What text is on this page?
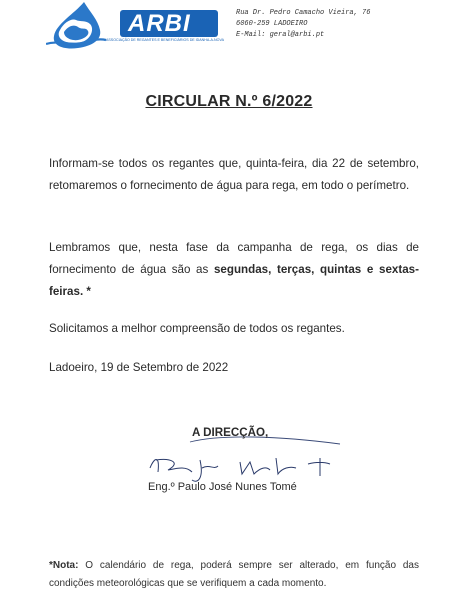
ARBI
ASSOCIAÇÃO DE REGANTES E BENEFICIÁRIOS DE IDANHA-A-NOVA
Rua Dr. Pedro Camacho Vieira, 76
6060-259 LADOEIRO
E-Mail: geral@arbi.pt
CIRCULAR N.º 6/2022

Informam-se todos os regantes que, quinta-feira, dia 22 de setembro, retomaremos o fornecimento de água para rega, em todo o perímetro.

Lembramos que, nesta fase da campanha de rega, os dias de fornecimento de água são as segundas, terças, quintas e sextas-feiras. *

Solicitamos a melhor compreensão de todos os regantes.

Ladoeiro, 19 de Setembro de 2022

A DIRECÇÃO,
Eng.º Paulo José Nunes Tomé

*Nota: O calendário de rega, poderá sempre ser alterado, em função das condições meteorológicas que se verifiquem a cada momento.
